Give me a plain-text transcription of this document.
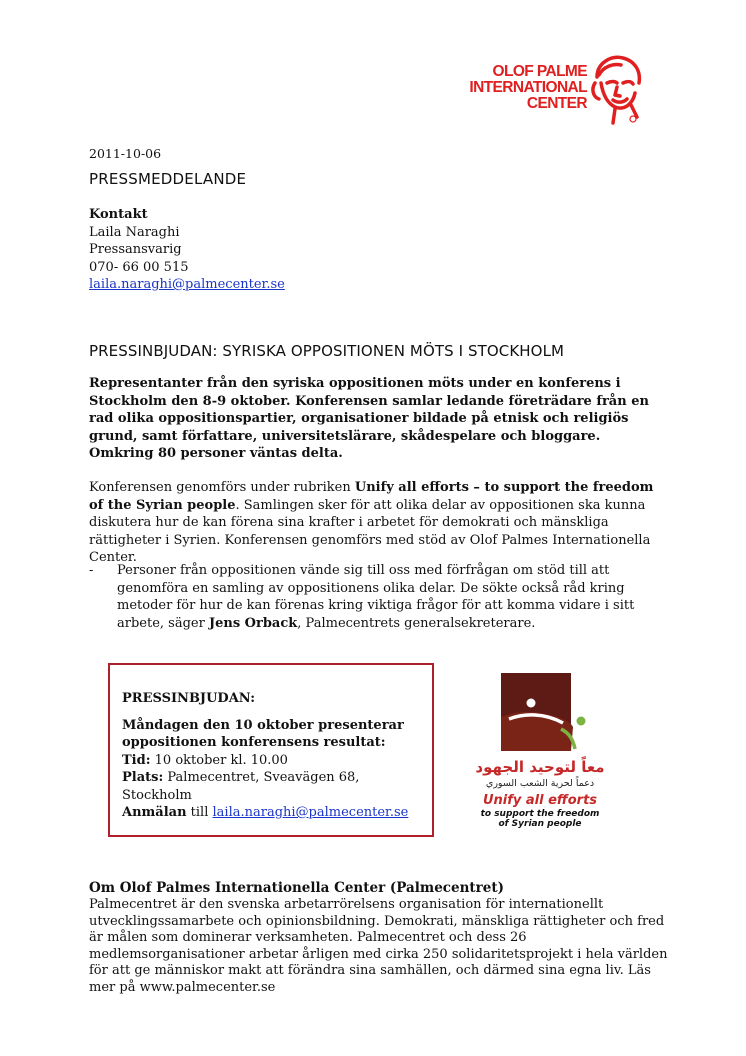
OLOF PALME
INTERNATIONAL
CENTER
2011-10-06
PRESSMEDDELANDE

Kontakt

Laila Naraghi

Pressansvarig

070- 66 00 515

laila.naraghi@palmecenter.se

PRESSINBJUDAN: SYRISKA OPPOSITIONEN MÖTS I STOCKHOLM

Representanter från den syriska oppositionen möts under en konferens i Stockholm den 8-9 oktober. Konferensen samlar ledande företrädare från en rad olika oppositionspartier, organisationer bildade på etnisk och religiös grund, samt författare, universitetslärare, skådespelare och bloggare. Omkring 80 personer väntas delta.

Konferensen genomförs under rubriken Unify all efforts – to support the freedom of the Syrian people. Samlingen sker för att olika delar av oppositionen ska kunna diskutera hur de kan förena sina krafter i arbetet för demokrati och mänskliga rättigheter i Syrien. Konferensen genomförs med stöd av Olof Palmes Internationella Center.

- Personer från oppositionen vände sig till oss med förfrågan om stöd till att genomföra en samling av oppositionens olika delar. De sökte också råd kring metoder för hur de kan förenas kring viktiga frågor för att komma vidare i sitt arbete, säger Jens Orback, Palmecentrets generalsekreterare.

PRESSINBJUDAN:

Måndagen den 10 oktober presenterar oppositionen konferensens resultat:

Tid: 10 oktober kl. 10.00

Plats: Palmecentret, Sveavägen 68, Stockholm

Anmälan till laila.naraghi@palmecenter.se

معاً لتوحيد الجهود
دعماً لحرية الشعب السوري
Unify all efforts
to support the freedom
of Syrian people
Om Olof Palmes Internationella Center (Palmecentret)

Palmecentret är den svenska arbetarrörelsens organisation för internationellt utvecklingssamarbete och opinionsbildning. Demokrati, mänskliga rättigheter och fred är målen som dominerar verksamheten. Palmecentret och dess 26 medlemsorganisationer arbetar årligen med cirka 250 solidaritetsprojekt i hela världen för att ge människor makt att förändra sina samhällen, och därmed sina egna liv. Läs mer på www.palmecenter.se
